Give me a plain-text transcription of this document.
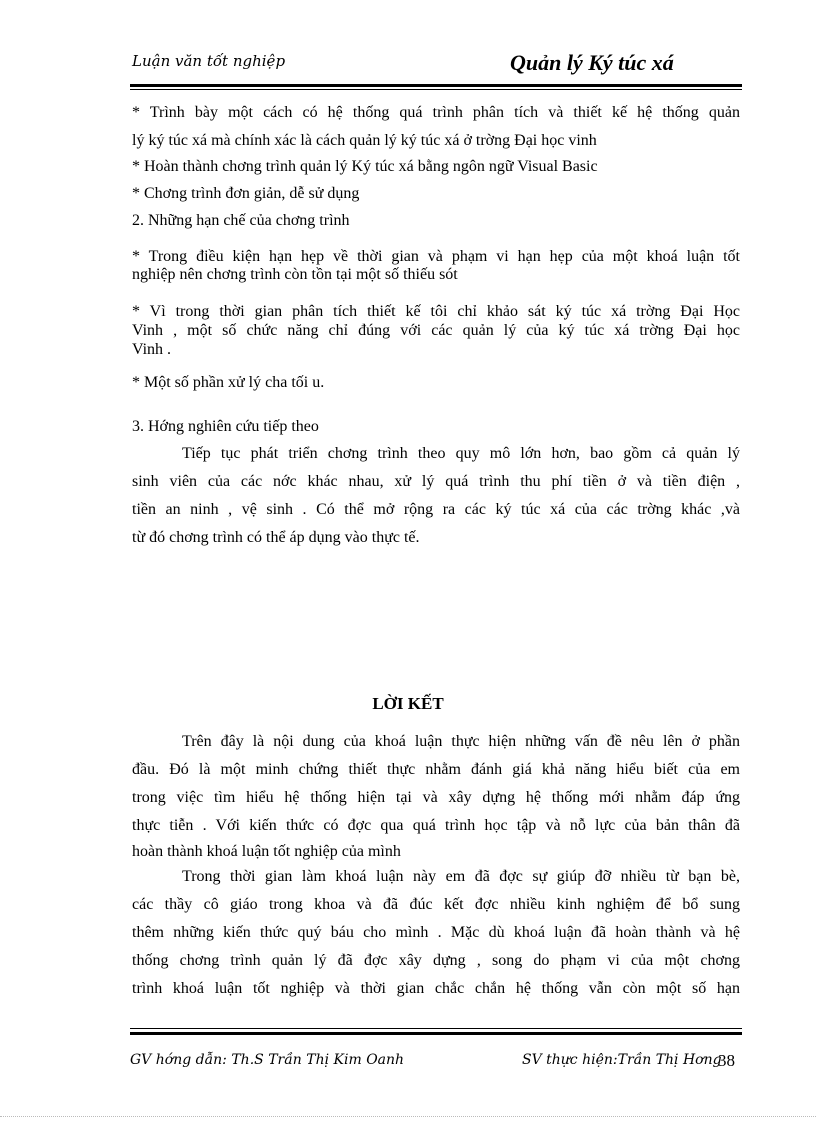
Luận văn tốt nghiệp	Quản lý Ký túc xá
* Trình bày một cách có hệ thống quá trình phân tích và thiết kế hệ thống quản
lý ký túc xá mà chính xác là cách quản lý ký túc xá ở trờng Đại học vinh
* Hoàn thành chơng trình quản lý Ký túc xá bằng ngôn ngữ Visual Basic
* Chơng trình đơn giản, dễ sử dụng
2. Những hạn chế của chơng trình
* Trong điều kiện hạn hẹp về thời gian và phạm vi hạn hẹp của một khoá luận tốt
nghiệp nên chơng trình còn tồn tại một số thiếu sót
* Vì trong thời gian phân tích thiết kế tôi chỉ khảo sát ký túc xá trờng Đại Học
Vinh , một số chức năng chỉ đúng với các quản lý của ký túc xá trờng Đại học
Vinh .
* Một số phần xử lý cha tối u.
3. Hớng nghiên cứu tiếp theo
Tiếp tục phát triển chơng trình theo quy mô lớn hơn, bao gồm cả quản lý
sinh viên của các nớc khác nhau, xử lý quá trình thu phí tiền ở và tiền điện ,
tiền an ninh , vệ sinh . Có thể mở rộng ra các ký túc xá của các trờng khác ,và
từ đó chơng trình có thể áp dụng vào thực tế.
LỜI KẾT
Trên đây là nội dung của khoá luận thực hiện những vấn đề nêu lên ở phần
đầu. Đó là một minh chứng thiết thực nhằm đánh giá khả năng hiểu biết của em
trong việc tìm hiểu hệ thống hiện tại và xây dựng hệ thống mới nhằm đáp ứng
thực tiễn . Với kiến thức có đợc qua quá trình học tập và nỗ lực của bản thân đã
hoàn thành khoá luận tốt nghiệp của mình
Trong thời gian làm khoá luận này em đã đợc sự giúp đỡ nhiều từ bạn bè,
các thầy cô giáo trong khoa và đã đúc kết đợc nhiều kinh nghiệm để bổ sung
thêm những kiến thức quý báu cho mình . Mặc dù khoá luận đã hoàn thành và hệ
thống chơng trình quản lý đã đợc xây dựng , song do phạm vi của một chơng
trình khoá luận tốt nghiệp và thời gian chắc chắn hệ thống vẫn còn một số hạn
GV hớng dẫn: Th.S Trần Thị Kim Oanh	SV thực hiện:Trần Thị Hơng
38
